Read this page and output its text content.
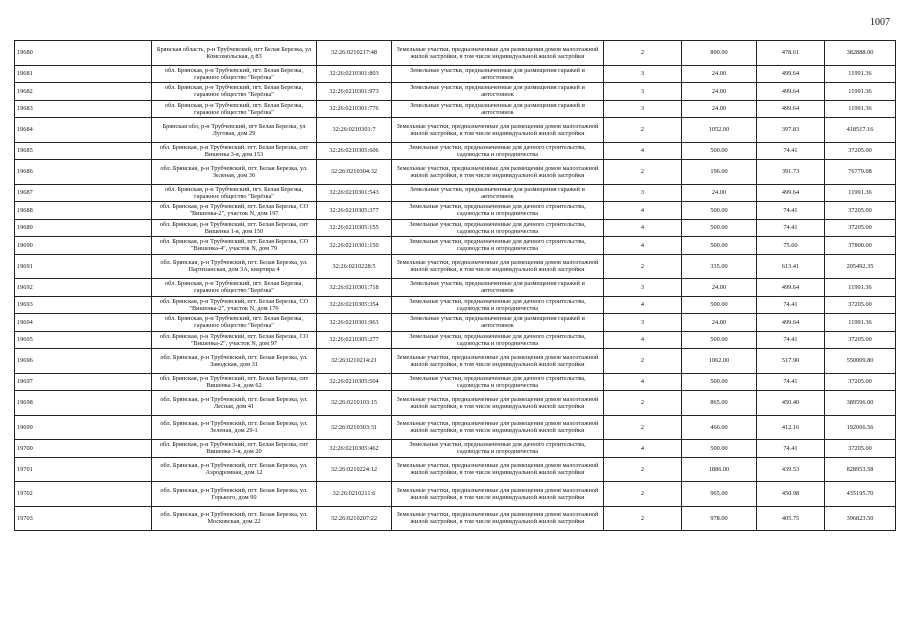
1007
19680	Брянская область, р-н Трубчевский, пгт Белая Березка, ул Комсомольская, д 83	32:26:0210217:48	Земельные участки, предназначенные для размещения домов малоэтажной жилой застройки, в том числе индивидуальной жилой застройки	2	800.00	478.61	382888.00
19681	обл. Брянская, р-н Трубчевский, пгт. Белая Березка, гаражное общество "Берёзка"	32:26:0210301:803	Земельные участки, предназначенные для размещения гаражей и автостоянок	3	24.00	499.64	11991.36
19682	обл. Брянская, р-н Трубчевский, пгт. Белая Березка, гаражное общество "Берёзка"	32:26:0210301:973	Земельные участки, предназначенные для размещения гаражей и автостоянок	3	24.00	499.64	11991.36
19683	обл. Брянская, р-н Трубчевский, пгт. Белая Березка, гаражное общество "Берёзка"	32:26:0210301:776	Земельные участки, предназначенные для размещения гаражей и автостоянок	3	24.00	499.64	11991.36
19684	Брянская обл, р-н Трубчевский, пгт Белая Березка, ул Луговая, дом 29	32:26:0210301:7	Земельные участки, предназначенные для размещения домов малоэтажной жилой застройки, в том числе индивидуальной жилой застройки	2	1052.00	397.83	418517.16
19685	обл. Брянская, р-н Трубчевский, пгт. Белая Березка, снт Вишенка 3-я, дом 153	32:26:0210305:606	Земельные участки, предназначенные для дачного строительства, садоводства и огородничества	4	500.00	74.41	37205.00
19686	обл. Брянская, р-н Трубчевский, пгт. Белая Березка, ул. Зеленая, дом 36	32:26:0210304:32	Земельные участки, предназначенные для размещения домов малоэтажной жилой застройки, в том числе индивидуальной жилой застройки	2	196.00	391.73	76779.08
19687	обл. Брянская, р-н Трубчевский, пгт. Белая Березка, гаражное общество "Берёзка"	32:26:0210301:543	Земельные участки, предназначенные для размещения гаражей и автостоянок	3	24.00	499.64	11991.36
19688	обл. Брянская, р-н Трубчевский, пгт. Белая Березка, СО "Вишенка-2", участок N, дом 197	32:26:0210305:377	Земельные участки, предназначенные для дачного строительства, садоводства и огородничества	4	500.00	74.41	37205.00
19689	обл. Брянская, р-н Трубчевский, пгт. Белая Березка, снт Вишенка 1-я, дом 150	32:26:0210305:155	Земельные участки, предназначенные для дачного строительства, садоводства и огородничества	4	500.00	74.41	37205.00
19690	обл. Брянская, р-н Трубчевский, пгт. Белая Березка, СО "Вишенка-4", участок N, дом 79	32:26:0210301:150	Земельные участки, предназначенные для дачного строительства, садоводства и огородничества	4	500.00	75.60	37800.00
19691	обл. Брянская, р-н Трубчевский, пгт. Белая Березка, ул. Партизанская, дом 3А, квартира 4	32:26:0210228:5	Земельные участки, предназначенные для размещения домов малоэтажной жилой застройки, в том числе индивидуальной жилой застройки	2	335.00	613.41	205492.35
19692	обл. Брянская, р-н Трубчевский, пгт. Белая Березка, гаражное общество "Берёзка"	32:26:0210301:718	Земельные участки, предназначенные для размещения гаражей и автостоянок	3	24.00	499.64	11991.36
19693	обл. Брянская, р-н Трубчевский, пгт. Белая Березка, СО "Вишенка-2", участок N, дом 176	32:26:0210305:354	Земельные участки, предназначенные для дачного строительства, садоводства и огородничества	4	500.00	74.41	37205.00
19694	обл. Брянская, р-н Трубчевский, пгт. Белая Березка, гаражное общество "Берёзка"	32:26:0210301:963	Земельные участки, предназначенные для размещения гаражей и автостоянок	3	24.00	499.64	11991.36
19695	обл. Брянская, р-н Трубчевский, пгт. Белая Березка, СО "Вишенка-2", участок N, дом 97	32:26:0210305:277	Земельные участки, предназначенные для дачного строительства, садоводства и огородничества	4	500.00	74.41	37205.00
19696	обл. Брянская, р-н Трубчевский, пгт. Белая Березка, ул. Заводская, дом 31	32:26:0210214:21	Земельные участки, предназначенные для размещения домов малоэтажной жилой застройки, в том числе индивидуальной жилой застройки	2	1062.00	517.90	550009.80
19697	обл. Брянская, р-н Трубчевский, пгт. Белая Березка, снт Вишенка 3-я, дом 62	32:26:0210305:504	Земельные участки, предназначенные для дачного строительства, садоводства и огородничества	4	500.00	74.41	37205.00
19698	обл. Брянская, р-н Трубчевский, пгт. Белая Березка, ул. Лесная, дом 41	32:26:0210103:15	Земельные участки, предназначенные для размещения домов малоэтажной жилой застройки, в том числе индивидуальной жилой застройки	2	865.00	450.40	389596.00
19699	обл. Брянская, р-н Трубчевский, пгт. Белая Березка, ул. Зеленая, дом 29-1	32:26:0210303:31	Земельные участки, предназначенные для размещения домов малоэтажной жилой застройки, в том числе индивидуальной жилой застройки	2	466.00	412.16	192066.56
19700	обл. Брянская, р-н Трубчевский, пгт. Белая Березка, снт Вишенка 3-я, дом 20	32:26:0210305:462	Земельные участки, предназначенные для дачного строительства, садоводства и огородничества	4	500.00	74.41	37205.00
19701	обл. Брянская, р-н Трубчевский, пгт. Белая Березка, ул. Аэродромная, дом 12	32:26:0210224:12	Земельные участки, предназначенные для размещения домов малоэтажной жилой застройки, в том числе индивидуальной жилой застройки	2	1886.00	439.53	828953.58
19702	обл. Брянская, р-н Трубчевский, пгт. Белая Березка, ул. Горького, дом 90	32:26:0210211:6	Земельные участки, предназначенные для размещения домов малоэтажной жилой застройки, в том числе индивидуальной жилой застройки	2	965.00	450.98	435195.70
19703	обл. Брянская, р-н Трубчевский, пгт. Белая Березка, ул. Московская, дом 22	32:26:0210207:22	Земельные участки, предназначенные для размещения домов малоэтажной жилой застройки, в том числе индивидуальной жилой застройки	2	978.00	405.75	396823.50
